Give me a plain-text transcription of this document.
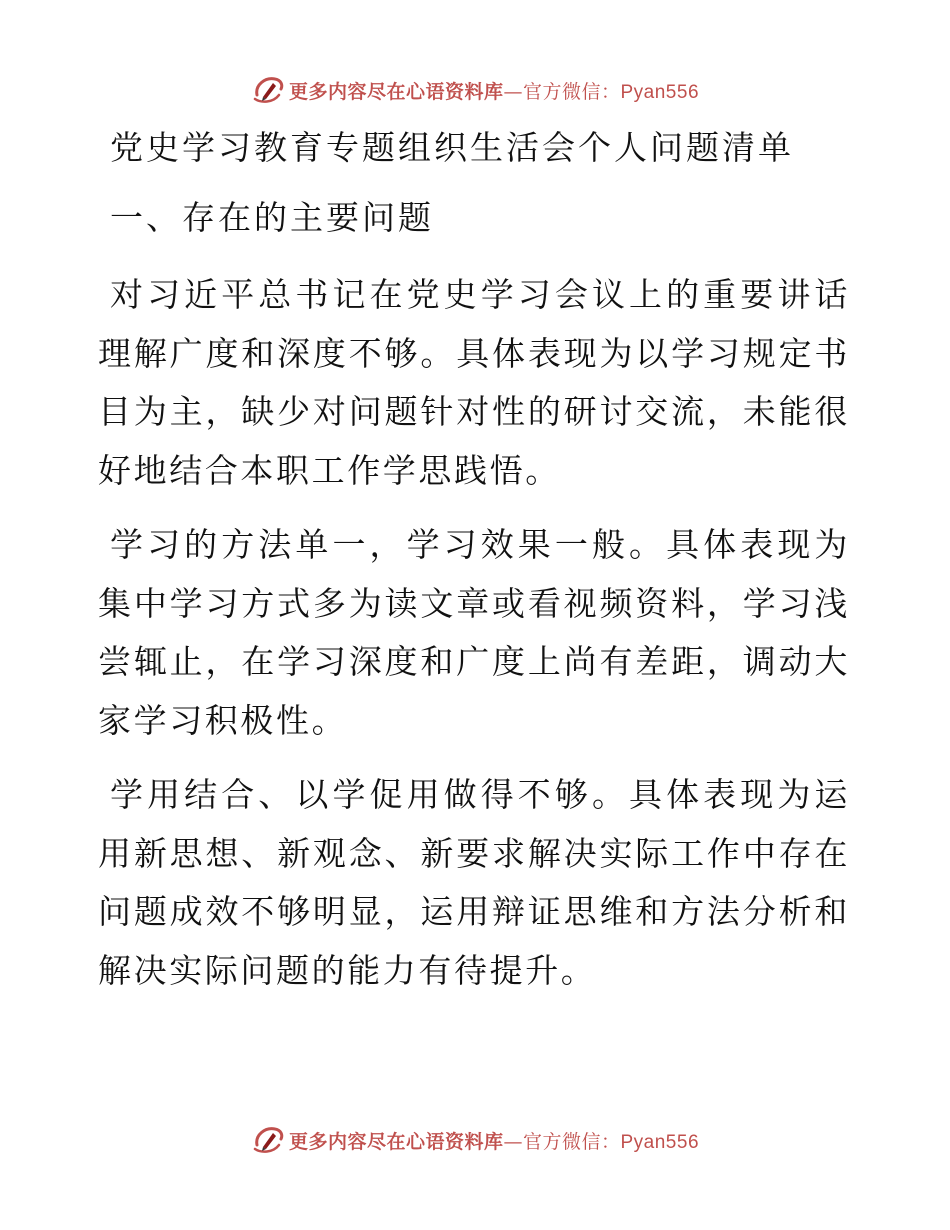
更多内容尽在心语资料库—官方微信：Pyan556
党史学习教育专题组织生活会个人问题清单
一、存在的主要问题

对习近平总书记在党史学习会议上的重要讲话理解广度和深度不够。具体表现为以学习规定书目为主，缺少对问题针对性的研讨交流，未能很好地结合本职工作学思践悟。

学习的方法单一，学习效果一般。具体表现为集中学习方式多为读文章或看视频资料，学习浅尝辄止，在学习深度和广度上尚有差距，调动大家学习积极性。

学用结合、以学促用做得不够。具体表现为运用新思想、新观念、新要求解决实际工作中存在问题成效不够明显，运用辩证思维和方法分析和解决实际问题的能力有待提升。

更多内容尽在心语资料库—官方微信：Pyan556
